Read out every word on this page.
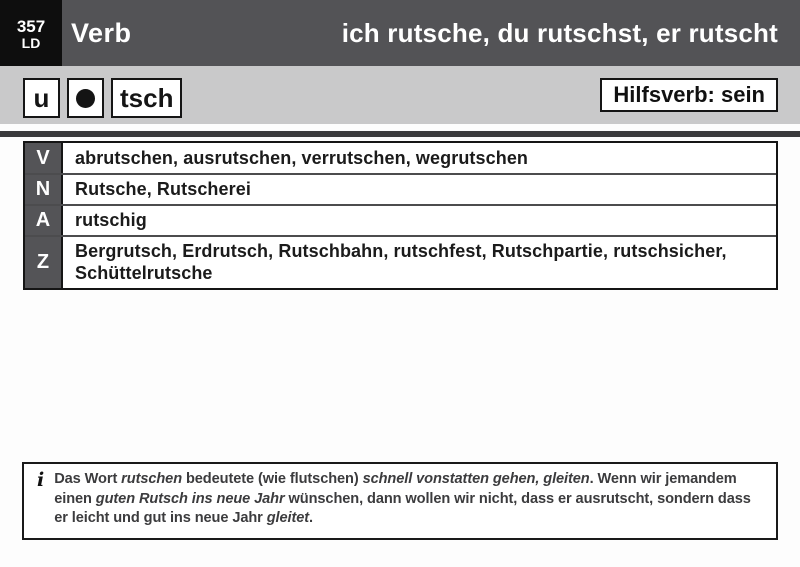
357
LD Verb	ich rutsche, du rutschst, er rutscht
u	tsch	Hilfsverb: sein
V	abrutschen, ausrutschen, verrutschen, wegrutschen
N	Rutsche, Rutscherei
A	rutschig
Z	Bergrutsch, Erdrutsch, Rutschbahn, rutschfest, Rutschpartie, rutschsicher, Schüttelrutsche
i Das Wort rutschen bedeutete (wie flutschen) schnell vonstatten gehen, gleiten. Wenn wir jemandem einen guten Rutsch ins neue Jahr wünschen, dann wollen wir nicht, dass er ausrutscht, sondern dass er leicht und gut ins neue Jahr gleitet.
